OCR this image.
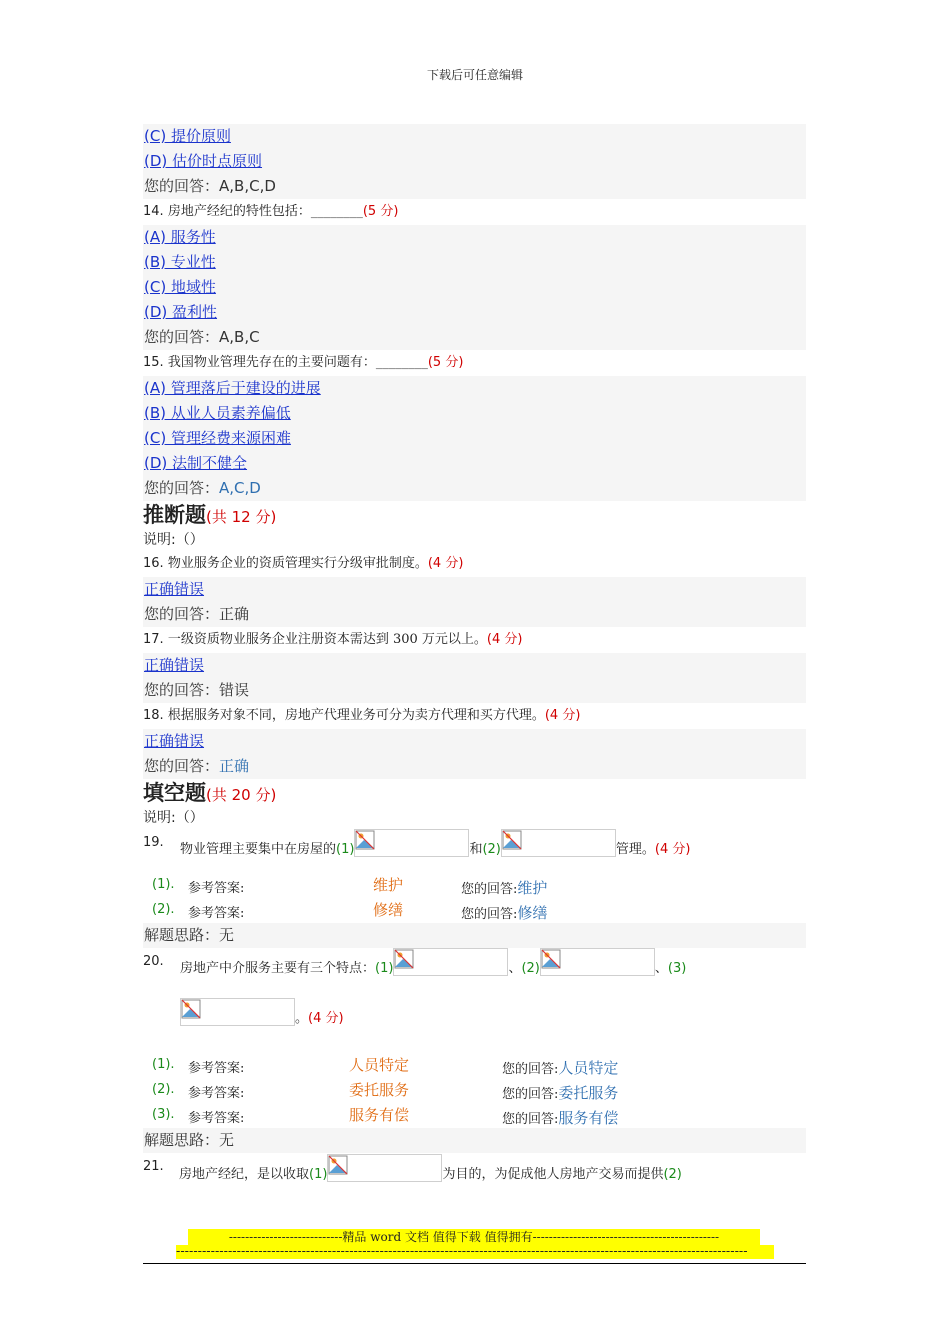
下载后可任意编辑
(C) 提价原则
(D) 估价时点原则
您的回答：A,B,C,D
14. 房地产经纪的特性包括：________(5 分)
(A) 服务性
(B) 专业性
(C) 地域性
(D) 盈利性
您的回答：A,B,C
15. 我国物业管理先存在的主要问题有：________(5 分)
(A) 管理落后于建设的进展
(B) 从业人员素养偏低
(C) 管理经费来源困难
(D) 法制不健全
您的回答：A,C,D
推断题(共 12 分)
说明:（）
16. 物业服务企业的资质管理实行分级审批制度。(4 分)
正确错误
您的回答：正确
17. 一级资质物业服务企业注册资本需达到 300 万元以上。(4 分)
正确错误
您的回答：错误
18. 根据服务对象不同，房地产代理业务可分为卖方代理和买方代理。(4 分)
正确错误
您的回答：正确
填空题(共 20 分)
说明:（）
19. 物业管理主要集中在房屋的(1)	和(2)	管理。(4 分)
(1). 参考答案:	维护	您的回答:维护
(2). 参考答案:	修缮	您的回答:修缮
解题思路：无
20. 房地产中介服务主要有三个特点：(1)	、(2)	、(3)
。(4 分)
(1). 参考答案:	人员特定	您的回答:人员特定
(2). 参考答案:	委托服务	您的回答:委托服务
(3). 参考答案:	服务有偿	您的回答:服务有偿
解题思路：无
21.
房地产经纪，是以收取(1)	为目的，为促成他人房地产交易而提供(2)
----------------------------精品 word 文档 值得下载 值得拥有----------------------------------------------
------------------------------------------------------------------------------------------------------------------------------------
